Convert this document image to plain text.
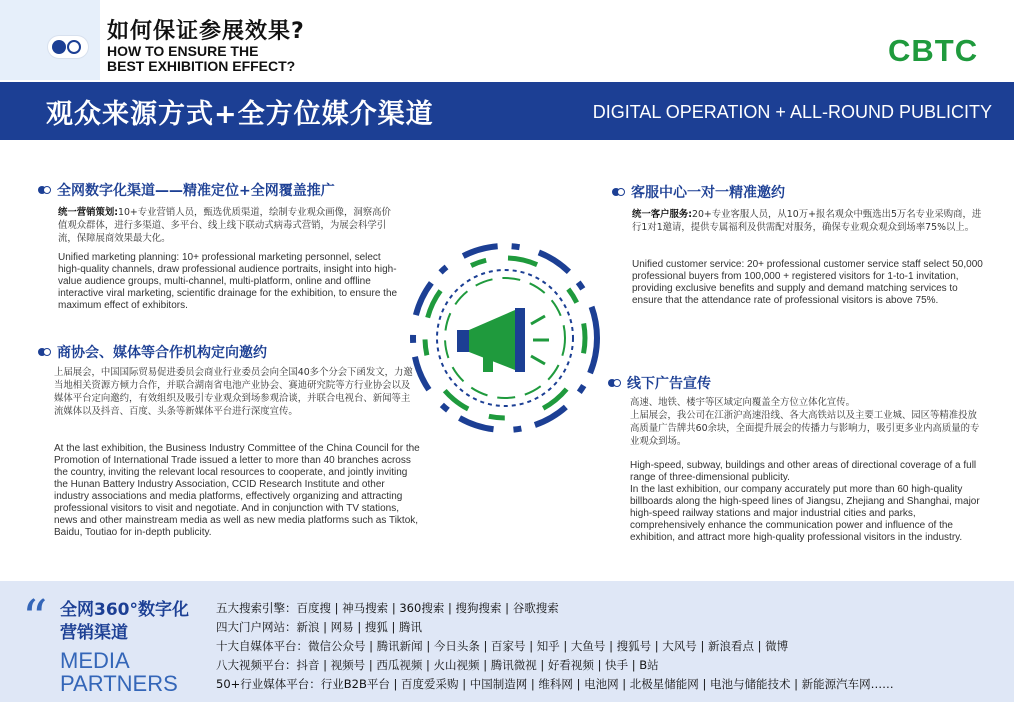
如何保证参展效果?
HOW TO ENSURE THE
BEST EXHIBITION EFFECT?	CBTC
观众来源方式+全方位媒介渠道	DIGITAL OPERATION + ALL-ROUND PUBLICITY
全网数字化渠道——精准定位+全网覆盖推广
统一营销策划:10+专业营销人员，甄选优质渠道，绘制专业观众画像，洞察高价值观众群体，进行多渠道、多平台、线上线下联动式病毒式营销，为展会科学引流，保障展商效果最大化。
Unified marketing planning: 10+ professional marketing personnel, select high-quality channels, draw professional audience portraits, insight into high-value audience groups, multi-channel, multi-platform, online and offline interactive viral marketing, scientific drainage for the exhibition, to ensure the maximum effect of exhibitors.
客服中心一对一精准邀约
统一客户服务:20+专业客服人员，从10万+报名观众中甄选出5万名专业采购商，进行1对1邀请，提供专属福利及供需配对服务，确保专业观众观众到场率75%以上。
Unified customer service: 20+ professional customer service staff select 50,000 professional buyers from 100,000 + registered visitors for 1-to-1 invitation, providing exclusive benefits and supply and demand matching services to ensure that the attendance rate of professional visitors is above 75%.
商协会、媒体等合作机构定向邀约
上届展会，中国国际贸易促进委员会商业行业委员会向全国40多个分会下函发文，力邀当地相关资源方倾力合作，并联合湖南省电池产业协会、赛迪研究院等方行业协会以及媒体平台定向邀约，有效组织及吸引专业观众到场参观洽谈，并联合电视台、新闻等主流媒体以及抖音、百度、头条等新媒体平台进行深度宣传。
At the last exhibition, the Business Industry Committee of the China Council for the Promotion of International Trade issued a letter to more than 40 branches across the country, inviting the relevant local resources to cooperate, and jointly inviting the Hunan Battery Industry Association, CCID Research Institute and other industry associations and media platforms, effectively organizing and attracting professional visitors to visit and negotiate. And in conjunction with TV stations, news and other mainstream media as well as new media platforms such as Tiktok, Baidu, Toutiao for in-depth publicity.
线下广告宣传
高速、地铁、楼宇等区域定向覆盖全方位立体化宣传。
上届展会，我公司在江浙沪高速沿线、各大高铁站以及主要工业城、园区等精准投放高质量广告牌共60余块，全面提升展会的传播力与影响力，吸引更多业内高质量的专业观众到场。
High-speed, subway, buildings and other areas of directional coverage of a full range of three-dimensional publicity.
In the last exhibition, our company accurately put more than 60 high-quality billboards along the high-speed lines of Jiangsu, Zhejiang and Shanghai, major high-speed railway stations and major industrial cities and parks, comprehensively enhance the communication power and influence of the exhibition, and attract more high-quality professional visitors in the industry.
“ 全网360°数字化
营销渠道
MEDIA
PARTNERS
五大搜索引擎：百度搜 | 神马搜索 | 360搜索 | 搜狗搜索 | 谷歌搜索
四大门户网站：新浪 | 网易 | 搜狐 | 腾讯
十大自媒体平台：微信公众号 | 腾讯新闻 | 今日头条 | 百家号 | 知乎 | 大鱼号 | 搜狐号 | 大风号 | 新浪看点 | 微博
八大视频平台：抖音 | 视频号 | 西瓜视频 | 火山视频 | 腾讯微视 | 好看视频 | 快手 | B站
50+行业媒体平台：行业B2B平台 | 百度爱采购 | 中国制造网 | 维科网 | 电池网 | 北极星储能网 | 电池与储能技术 | 新能源汽车网……
